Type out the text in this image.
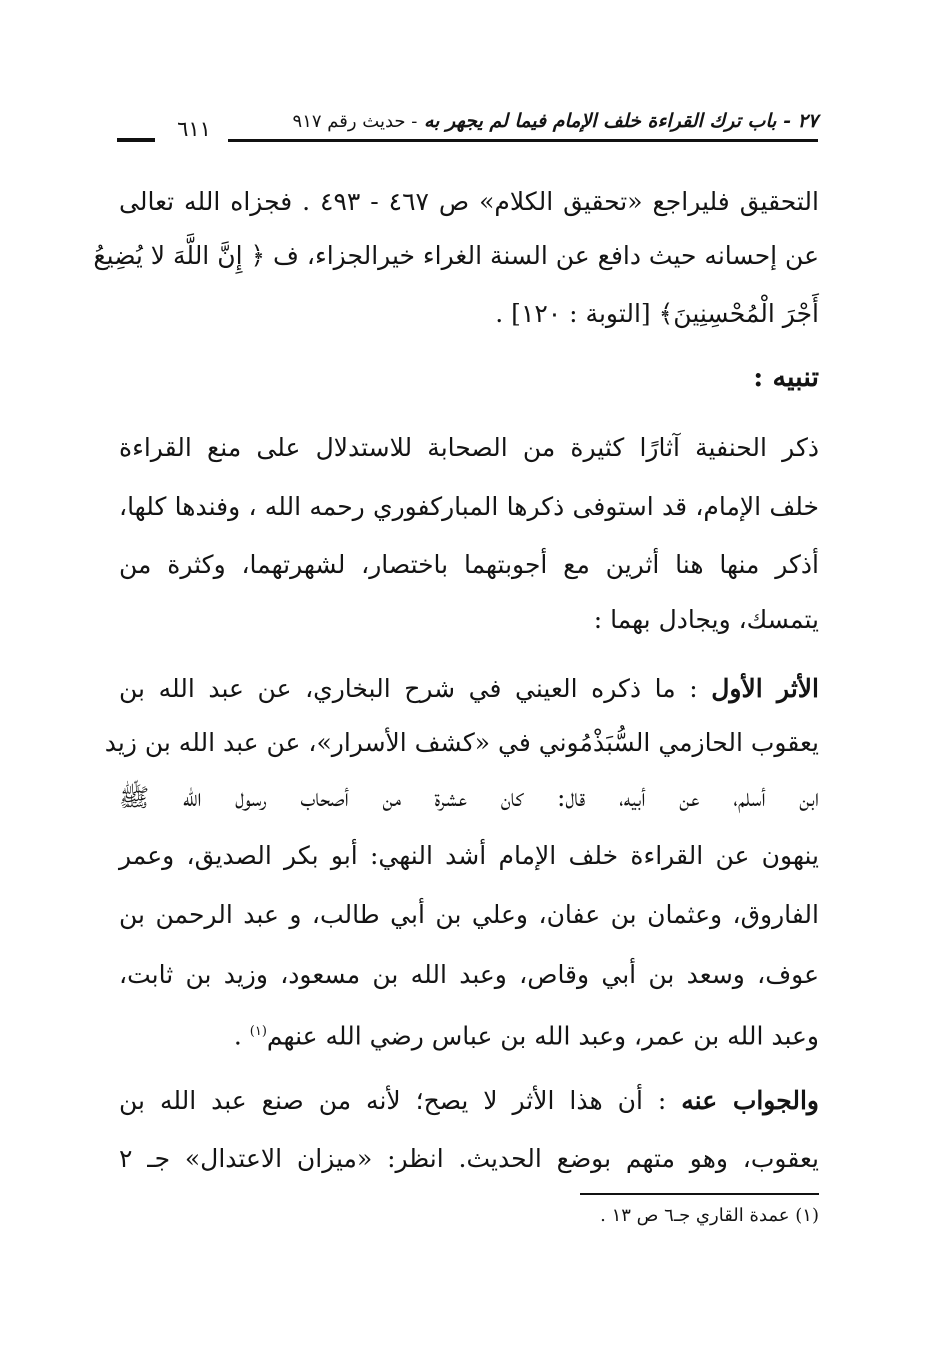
٢٧ - باب ترك القراءة خلف الإمام فيما لم يجهر به - حديث رقم ٩١٧
٦١١
التحقيق فليراجع «تحقيق الكلام» ص ٤٦٧ - ٤٩٣ . فجزاه الله تعالى
عن إحسانه حيث دافع عن السنة الغراء خيرالجزاء، ف ﴿ إِنَّ اللَّهَ لا يُضِيعُ
أَجْرَ الْمُحْسِنِينَ﴾ [التوبة : ١٢٠] .
تنبيه :
ذكر الحنفية آثارًا كثيرة من الصحابة للاستدلال على منع القراءة
خلف الإمام، قد استوفى ذكرها المباركفوري رحمه الله ، وفندها كلها،
أذكر منها هنا أثرين مع أجوبتهما باختصار، لشهرتهما، وكثرة من
يتمسك، ويجادل بهما :
الأثر الأول : ما ذكره العيني في شرح البخاري، عن عبد الله بن
يعقوب الحازمي السُّبَذْمُوني في «كشف الأسرار»، عن عبد الله بن زيد
ابن أسلم، عن أبيه، قال: كان عشرة من أصحاب رسول الله ﷺ
ينهون عن القراءة خلف الإمام أشد النهي: أبو بكر الصديق، وعمر
الفاروق، وعثمان بن عفان، وعلي بن أبي طالب، و عبد الرحمن بن
عوف، وسعد بن أبي وقاص، وعبد الله بن مسعود، وزيد بن ثابت،
وعبد الله بن عمر، وعبد الله بن عباس رضي الله عنهم$^{(١)}$ .
والجواب عنه : أن هذا الأثر لا يصح؛ لأنه من صنع عبد الله بن
يعقوب، وهو متهم بوضع الحديث. انظر: «ميزان الاعتدال» جـ ٢
(١) عمدة القاري جـ٦ ص ١٣ .
